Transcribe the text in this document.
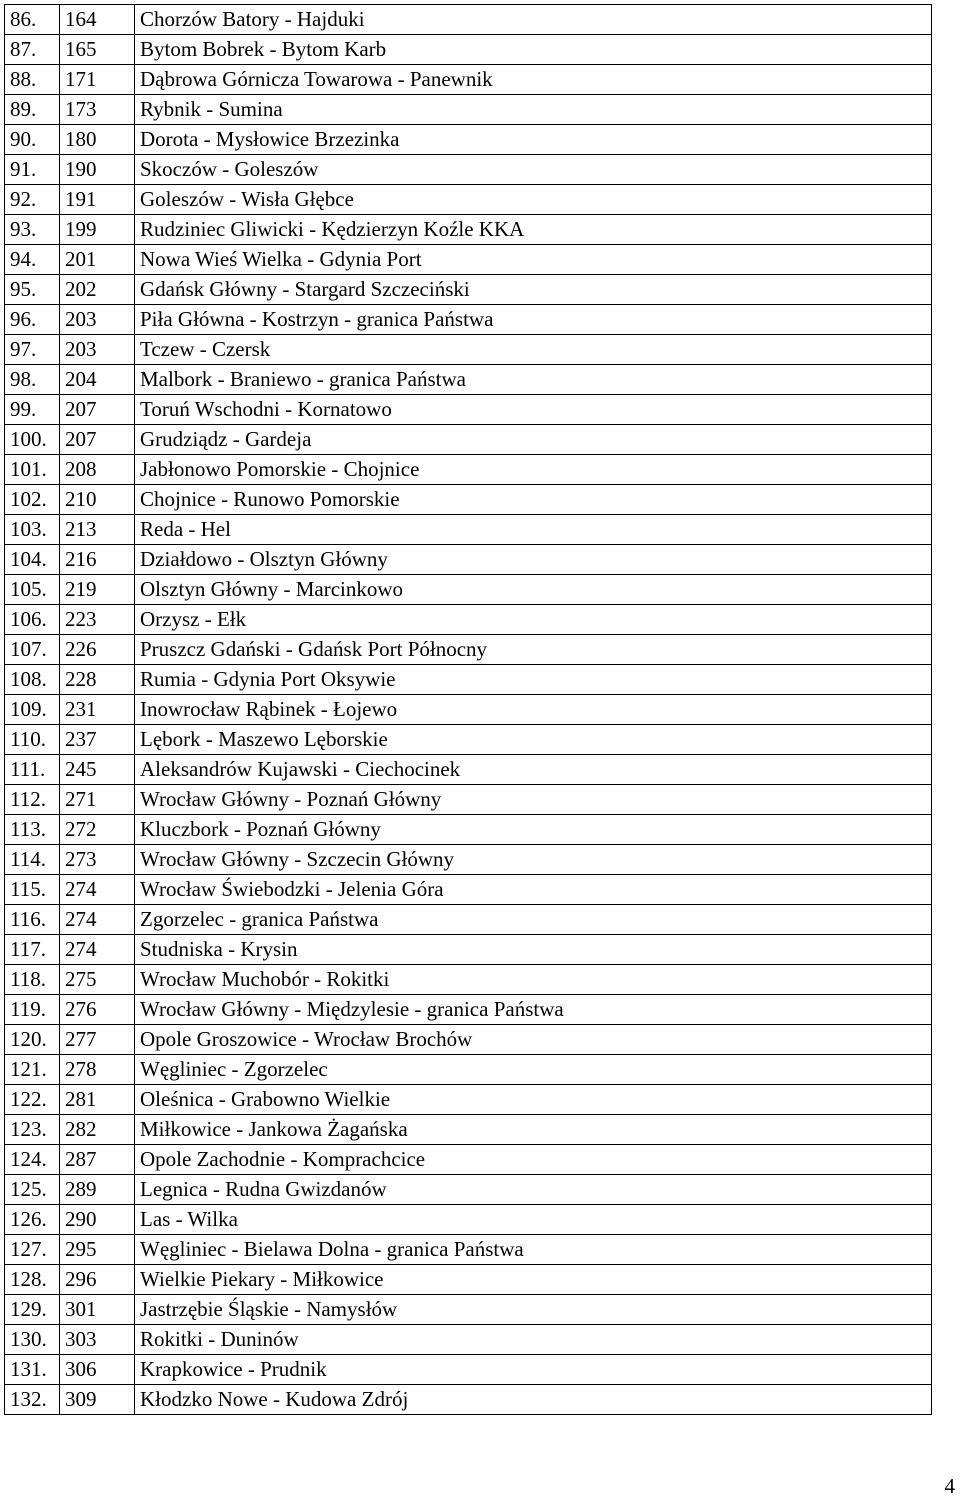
86.	164	Chorzów Batory - Hajduki
87.	165	Bytom Bobrek - Bytom Karb
88.	171	Dąbrowa Górnicza Towarowa - Panewnik
89.	173	Rybnik - Sumina
90.	180	Dorota - Mysłowice Brzezinka
91.	190	Skoczów - Goleszów
92.	191	Goleszów - Wisła Głębce
93.	199	Rudziniec Gliwicki - Kędzierzyn Koźle KKA
94.	201	Nowa Wieś Wielka - Gdynia Port
95.	202	Gdańsk Główny - Stargard Szczeciński
96.	203	Piła Główna - Kostrzyn - granica Państwa
97.	203	Tczew - Czersk
98.	204	Malbork - Braniewo - granica Państwa
99.	207	Toruń Wschodni - Kornatowo
100.	207	Grudziądz - Gardeja
101.	208	Jabłonowo Pomorskie - Chojnice
102.	210	Chojnice - Runowo Pomorskie
103.	213	Reda - Hel
104.	216	Działdowo - Olsztyn Główny
105.	219	Olsztyn Główny - Marcinkowo
106.	223	Orzysz - Ełk
107.	226	Pruszcz Gdański - Gdańsk Port Północny
108.	228	Rumia - Gdynia Port Oksywie
109.	231	Inowrocław Rąbinek - Łojewo
110.	237	Lębork - Maszewo Lęborskie
111.	245	Aleksandrów Kujawski - Ciechocinek
112.	271	Wrocław Główny - Poznań Główny
113.	272	Kluczbork - Poznań Główny
114.	273	Wrocław Główny - Szczecin Główny
115.	274	Wrocław Świebodzki - Jelenia Góra
116.	274	Zgorzelec - granica Państwa
117.	274	Studniska - Krysin
118.	275	Wrocław Muchobór - Rokitki
119.	276	Wrocław Główny - Międzylesie - granica Państwa
120.	277	Opole Groszowice - Wrocław Brochów
121.	278	Węgliniec - Zgorzelec
122.	281	Oleśnica - Grabowno Wielkie
123.	282	Miłkowice - Jankowa Żagańska
124.	287	Opole Zachodnie - Komprachcice
125.	289	Legnica - Rudna Gwizdanów
126.	290	Las - Wilka
127.	295	Węgliniec - Bielawa Dolna - granica Państwa
128.	296	Wielkie Piekary - Miłkowice
129.	301	Jastrzębie Śląskie - Namysłów
130.	303	Rokitki - Duninów
131.	306	Krapkowice - Prudnik
132.	309	Kłodzko Nowe - Kudowa Zdrój
4
